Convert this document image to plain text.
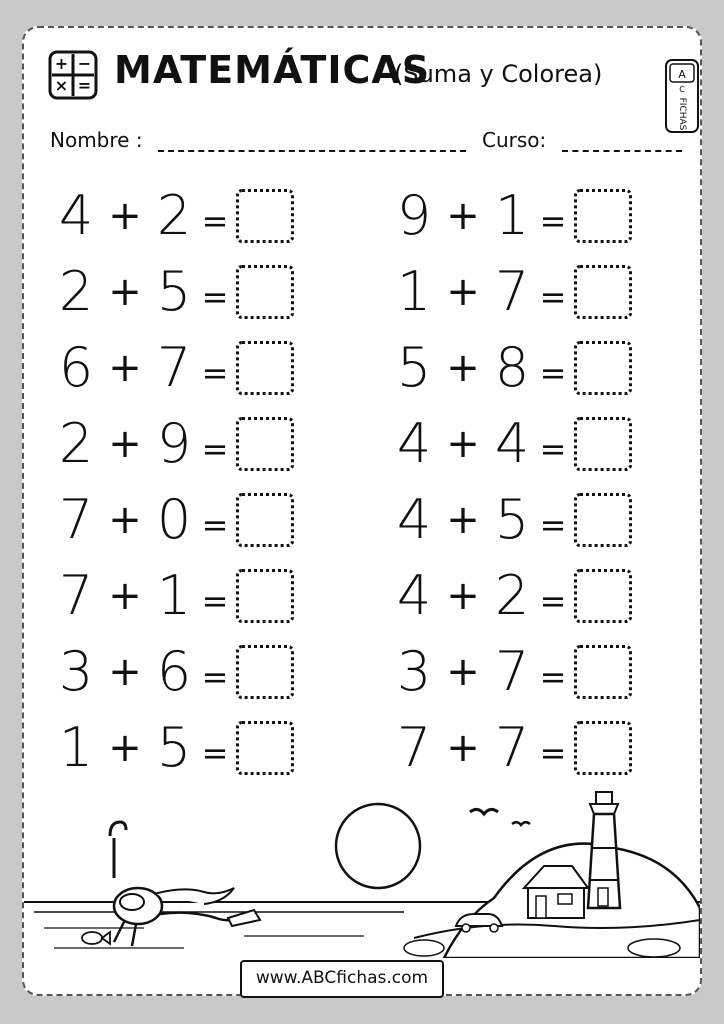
+ −
× = MATEMÁTICAS
(Suma y Colorea)	A
C
FICHAS
Nombre :	Curso:
4 + 2 =
2 + 5 =
6 + 7 =
2 + 9 =
7 + 0 =
7 + 1 =
3 + 6 =
1 + 5 =
9 + 1 =
1 + 7 =
5 + 8 =
4 + 4 =
4 + 5 =
4 + 2 =
3 + 7 =
7 + 7 =
www.ABCfichas.com
